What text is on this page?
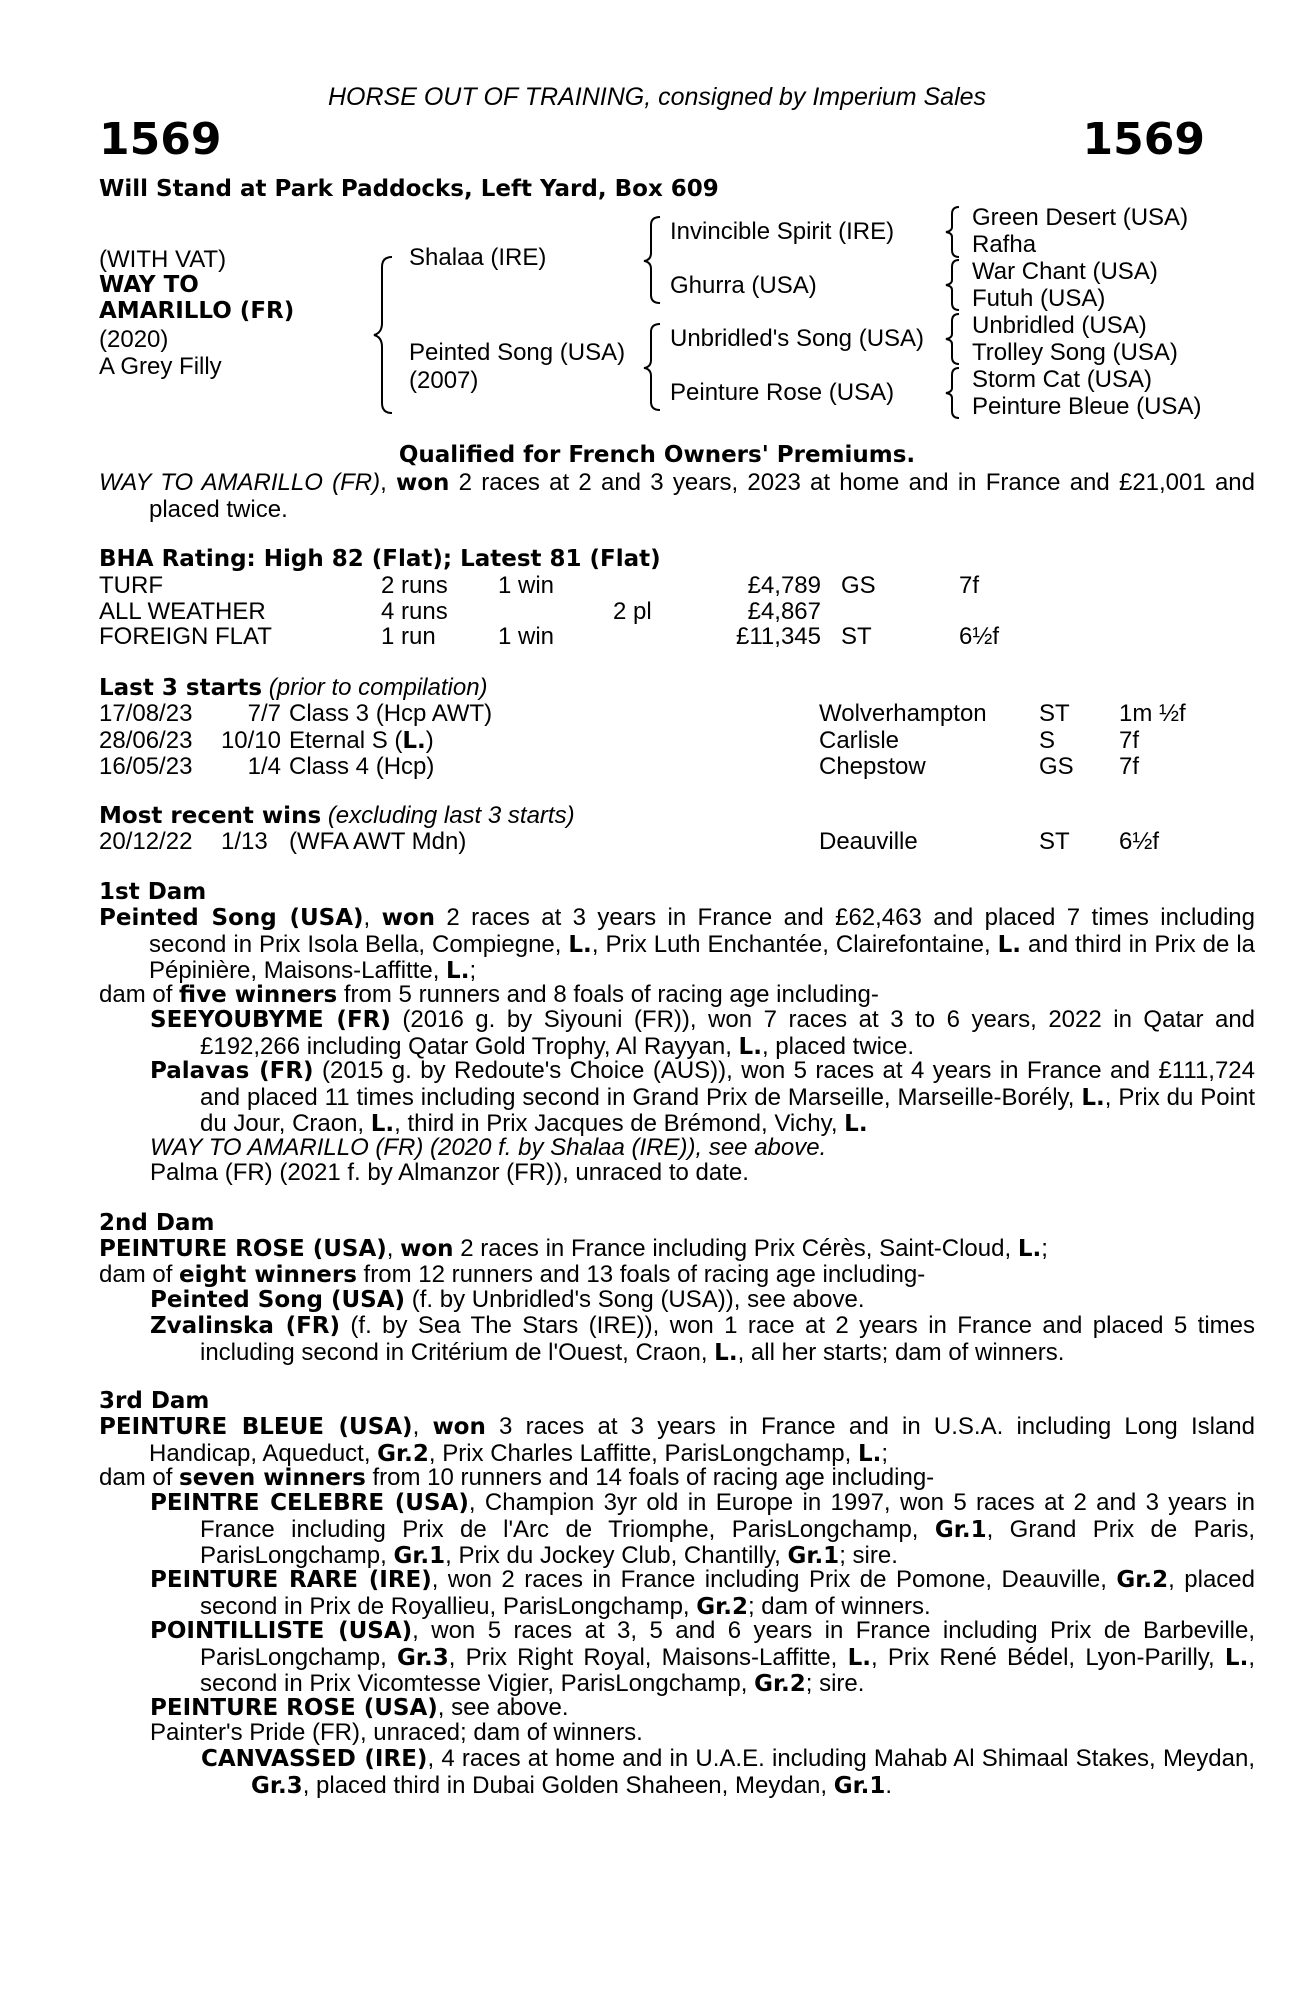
HORSE OUT OF TRAINING, consigned by Imperium Sales
1569	1569
Will Stand at Park Paddocks, Left Yard, Box 609
(WITH VAT)
WAY TO
AMARILLO (FR)
(2020)
A Grey Filly
Shalaa (IRE)
Peinted Song (USA)
(2007)
Invincible Spirit (IRE)
Ghurra (USA)
Unbridled's Song (USA)
Peinture Rose (USA)
Green Desert (USA)
Rafha
War Chant (USA)
Futuh (USA)
Unbridled (USA)
Trolley Song (USA)
Storm Cat (USA)
Peinture Bleue (USA)
Qualified for French Owners' Premiums.
WAY TO AMARILLO (FR), won 2 races at 2 and 3 years, 2023 at home and in France and £21,001 and placed twice.
BHA Rating: High 82 (Flat); Latest 81 (Flat)
TURF	2 runs	1 win		£4,789	GS	7f
ALL WEATHER	4 runs		2 pl	£4,867		
FOREIGN FLAT	1 run	1 win		£11,345	ST	6½f
Last 3 starts (prior to compilation)
17/08/23	7/7	Class 3 (Hcp AWT)	Wolverhampton	ST	1m ½f
28/06/23	10/10	Eternal S (L.)	Carlisle	S	7f
16/05/23	1/4	Class 4 (Hcp)	Chepstow	GS	7f
Most recent wins (excluding last 3 starts)
20/12/22	1/13	(WFA AWT Mdn)	Deauville	ST	6½f
1st Dam
Peinted Song (USA), won 2 races at 3 years in France and £62,463 and placed 7 times including second in Prix Isola Bella, Compiegne, L., Prix Luth Enchantée, Clairefontaine, L. and third in Prix de la Pépinière, Maisons-Laffitte, L.;
dam of five winners from 5 runners and 8 foals of racing age including-
SEEYOUBYME (FR) (2016 g. by Siyouni (FR)), won 7 races at 3 to 6 years, 2022 in Qatar and £192,266 including Qatar Gold Trophy, Al Rayyan, L., placed twice.
Palavas (FR) (2015 g. by Redoute's Choice (AUS)), won 5 races at 4 years in France and £111,724 and placed 11 times including second in Grand Prix de Marseille, Marseille-Borély, L., Prix du Point du Jour, Craon, L., third in Prix Jacques de Brémond, Vichy, L.
WAY TO AMARILLO (FR) (2020 f. by Shalaa (IRE)), see above.
Palma (FR) (2021 f. by Almanzor (FR)), unraced to date.
2nd Dam
PEINTURE ROSE (USA), won 2 races in France including Prix Cérès, Saint-Cloud, L.;
dam of eight winners from 12 runners and 13 foals of racing age including-
Peinted Song (USA) (f. by Unbridled's Song (USA)), see above.
Zvalinska (FR) (f. by Sea The Stars (IRE)), won 1 race at 2 years in France and placed 5 times including second in Critérium de l'Ouest, Craon, L., all her starts; dam of winners.
3rd Dam
PEINTURE BLEUE (USA), won 3 races at 3 years in France and in U.S.A. including Long Island Handicap, Aqueduct, Gr.2, Prix Charles Laffitte, ParisLongchamp, L.;
dam of seven winners from 10 runners and 14 foals of racing age including-
PEINTRE CELEBRE (USA), Champion 3yr old in Europe in 1997, won 5 races at 2 and 3 years in France including Prix de l'Arc de Triomphe, ParisLongchamp, Gr.1, Grand Prix de Paris, ParisLongchamp, Gr.1, Prix du Jockey Club, Chantilly, Gr.1; sire.
PEINTURE RARE (IRE), won 2 races in France including Prix de Pomone, Deauville, Gr.2, placed second in Prix de Royallieu, ParisLongchamp, Gr.2; dam of winners.
POINTILLISTE (USA), won 5 races at 3, 5 and 6 years in France including Prix de Barbeville, ParisLongchamp, Gr.3, Prix Right Royal, Maisons-Laffitte, L., Prix René Bédel, Lyon-Parilly, L., second in Prix Vicomtesse Vigier, ParisLongchamp, Gr.2; sire.
PEINTURE ROSE (USA), see above.
Painter's Pride (FR), unraced; dam of winners.
CANVASSED (IRE), 4 races at home and in U.A.E. including Mahab Al Shimaal Stakes, Meydan, Gr.3, placed third in Dubai Golden Shaheen, Meydan, Gr.1.
